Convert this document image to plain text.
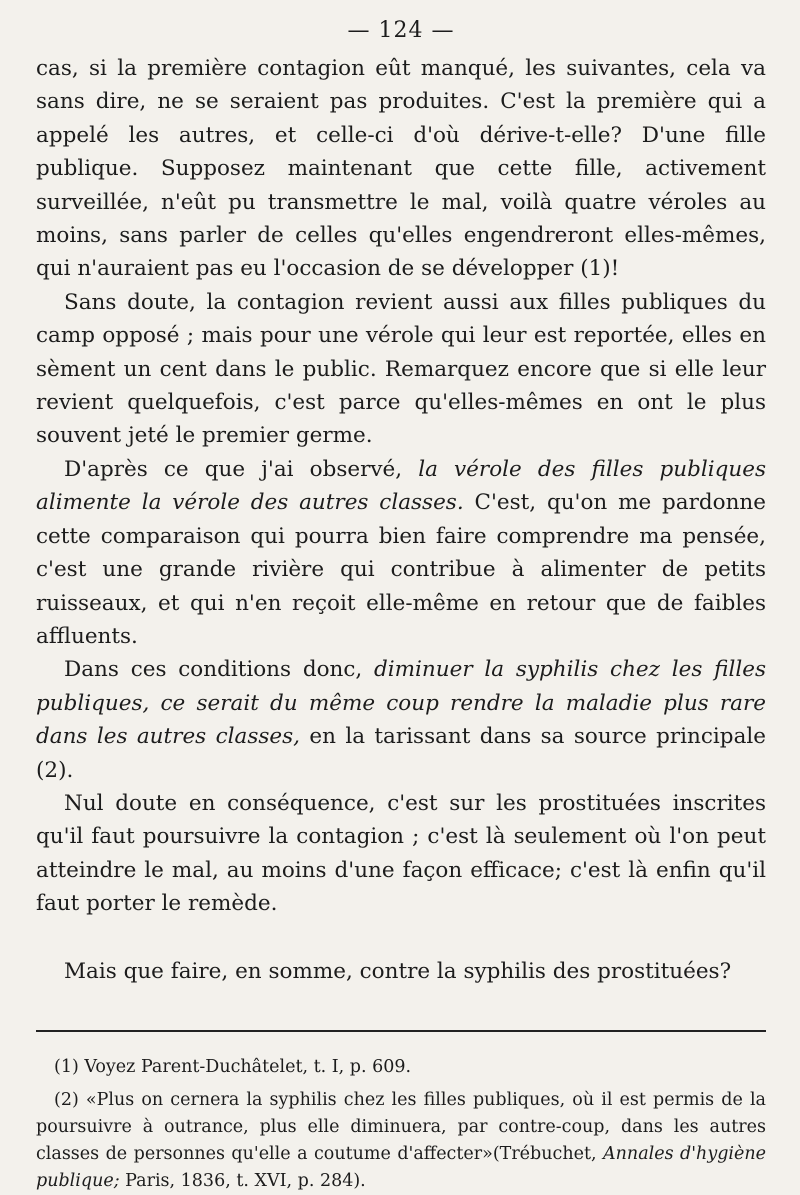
— 124 —

cas, si la première contagion eût manqué, les suivantes, cela va sans dire, ne se seraient pas produites. C'est la première qui a appelé les autres, et celle-ci d'où dérive-t-elle? D'une fille publique. Supposez maintenant que cette fille, activement surveillée, n'eût pu transmettre le mal, voilà quatre véroles au moins, sans parler de celles qu'elles engendreront elles-mêmes, qui n'auraient pas eu l'occasion de se développer (1)!

Sans doute, la contagion revient aussi aux filles publiques du camp opposé ; mais pour une vérole qui leur est reportée, elles en sèment un cent dans le public. Remarquez encore que si elle leur revient quelquefois, c'est parce qu'elles-mêmes en ont le plus souvent jeté le premier germe.

D'après ce que j'ai observé, la vérole des filles publiques alimente la vérole des autres classes. C'est, qu'on me pardonne cette comparaison qui pourra bien faire comprendre ma pensée, c'est une grande rivière qui contribue à alimenter de petits ruisseaux, et qui n'en reçoit elle-même en retour que de faibles affluents.

Dans ces conditions donc, diminuer la syphilis chez les filles publiques, ce serait du même coup rendre la maladie plus rare dans les autres classes, en la tarissant dans sa source principale (2).

Nul doute en conséquence, c'est sur les prostituées inscrites qu'il faut poursuivre la contagion ; c'est là seulement où l'on peut atteindre le mal, au moins d'une façon efficace; c'est là enfin qu'il faut porter le remède.

Mais que faire, en somme, contre la syphilis des prostituées?

(1) Voyez Parent-Duchâtelet, t. I, p. 609.

(2) «Plus on cernera la syphilis chez les filles publiques, où il est permis de la poursuivre à outrance, plus elle diminuera, par contre-coup, dans les autres classes de personnes qu'elle a coutume d'affecter»(Trébuchet, Annales d'hygiène publique; Paris, 1836, t. XVI, p. 284).
